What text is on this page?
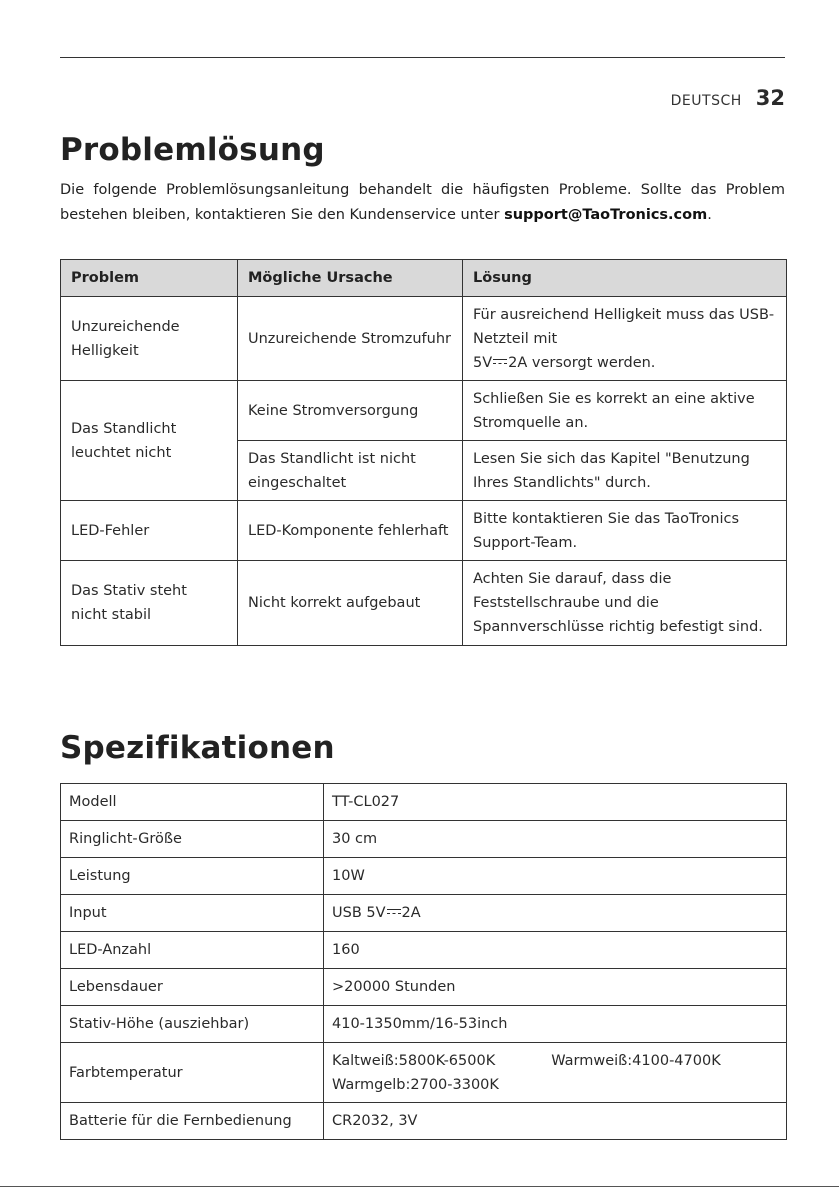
DEUTSCH 32
Problemlösung

Die folgende Problemlösungsanleitung behandelt die häufigsten Probleme. Sollte das Problem bestehen bleiben, kontaktieren Sie den Kundenservice unter support@TaoTronics.com.

Problem	Mögliche Ursache	Lösung
Unzureichende Helligkeit	Unzureichende Stromzufuhr	Für ausreichend Helligkeit muss das USB-Netzteil mit
5V 2A versorgt werden.
Das Standlicht leuchtet nicht	Keine Stromversorgung	Schließen Sie es korrekt an eine aktive Stromquelle an.
	Das Standlicht ist nicht eingeschaltet	Lesen Sie sich das Kapitel "Benutzung Ihres Standlichts" durch.
LED-Fehler	LED-Komponente fehlerhaft	Bitte kontaktieren Sie das TaoTronics Support-Team.
Das Stativ steht nicht stabil	Nicht korrekt aufgebaut	Achten Sie darauf, dass die Feststellschraube und die Spannverschlüsse richtig befestigt sind.
Spezifikationen
Modell	TT-CL027
Ringlicht-Größe	30 cm
Leistung	10W
Input	USB 5V 2A
LED-Anzahl	160
Lebensdauer	>20000 Stunden
Stativ-Höhe (ausziehbar)	410-1350mm/16-53inch
Farbtemperatur	Kaltweiß:5800K-6500K Warmweiß:4100-4700K
Warmgelb:2700-3300K
Batterie für die Fernbedienung	CR2032, 3V
